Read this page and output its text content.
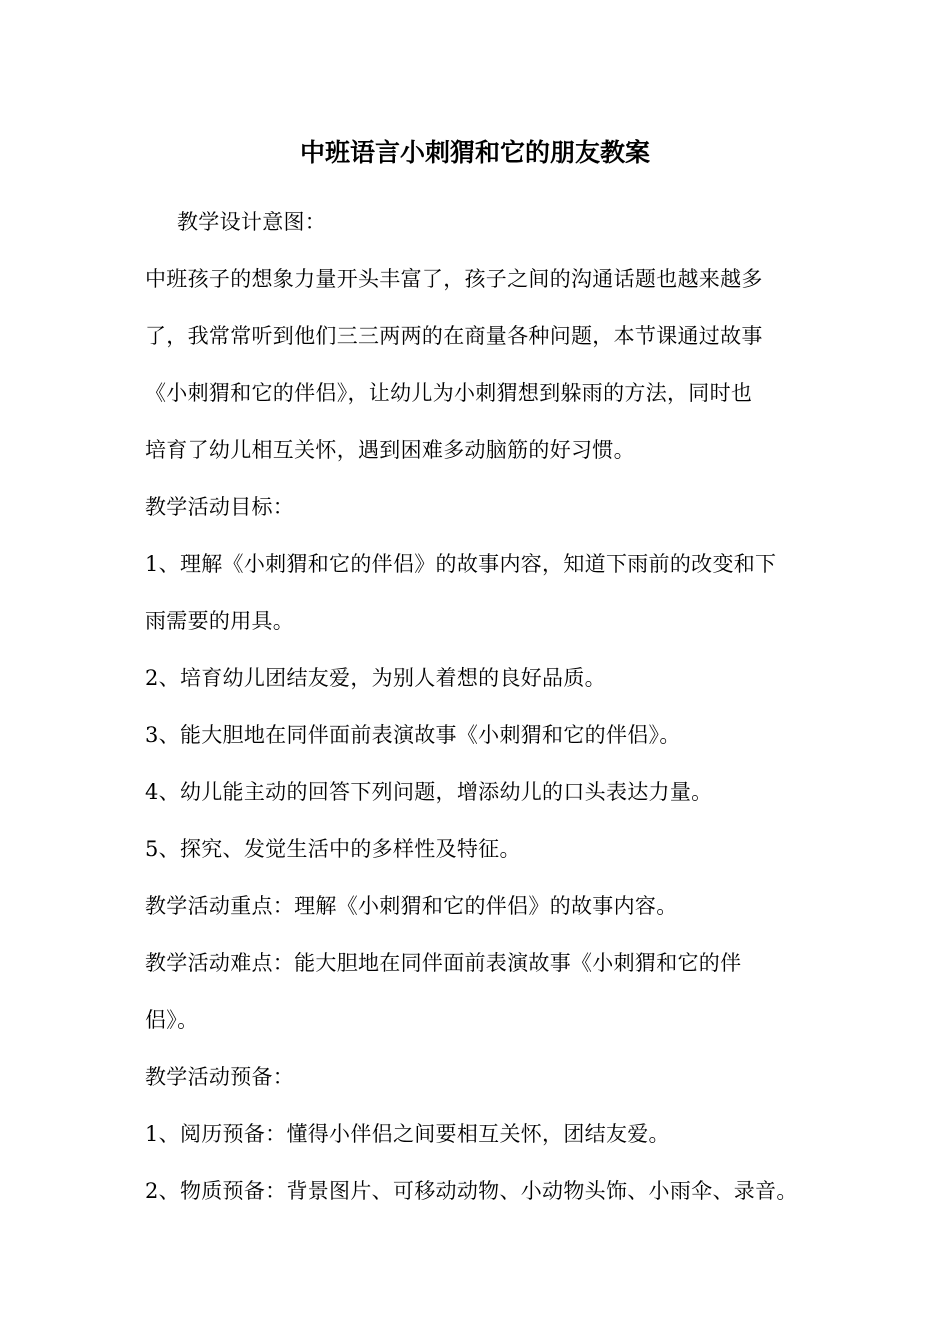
中班语言小刺猬和它的朋友教案
教学设计意图：
中班孩子的想象力量开头丰富了，孩子之间的沟通话题也越来越多
了，我常常听到他们三三两两的在商量各种问题，本节课通过故事
《小刺猬和它的伴侣》，让幼儿为小刺猬想到躲雨的方法，同时也
培育了幼儿相互关怀，遇到困难多动脑筋的好习惯。
教学活动目标：
1、理解《小刺猬和它的伴侣》的故事内容，知道下雨前的改变和下
雨需要的用具。
2、培育幼儿团结友爱，为别人着想的良好品质。
3、能大胆地在同伴面前表演故事《小刺猬和它的伴侣》。
4、幼儿能主动的回答下列问题，增添幼儿的口头表达力量。
5、探究、发觉生活中的多样性及特征。
教学活动重点：理解《小刺猬和它的伴侣》的故事内容。
教学活动难点：能大胆地在同伴面前表演故事《小刺猬和它的伴
侣》。
教学活动预备：
1、阅历预备：懂得小伴侣之间要相互关怀，团结友爱。
2、物质预备：背景图片、可移动动物、小动物头饰、小雨伞、录音。
